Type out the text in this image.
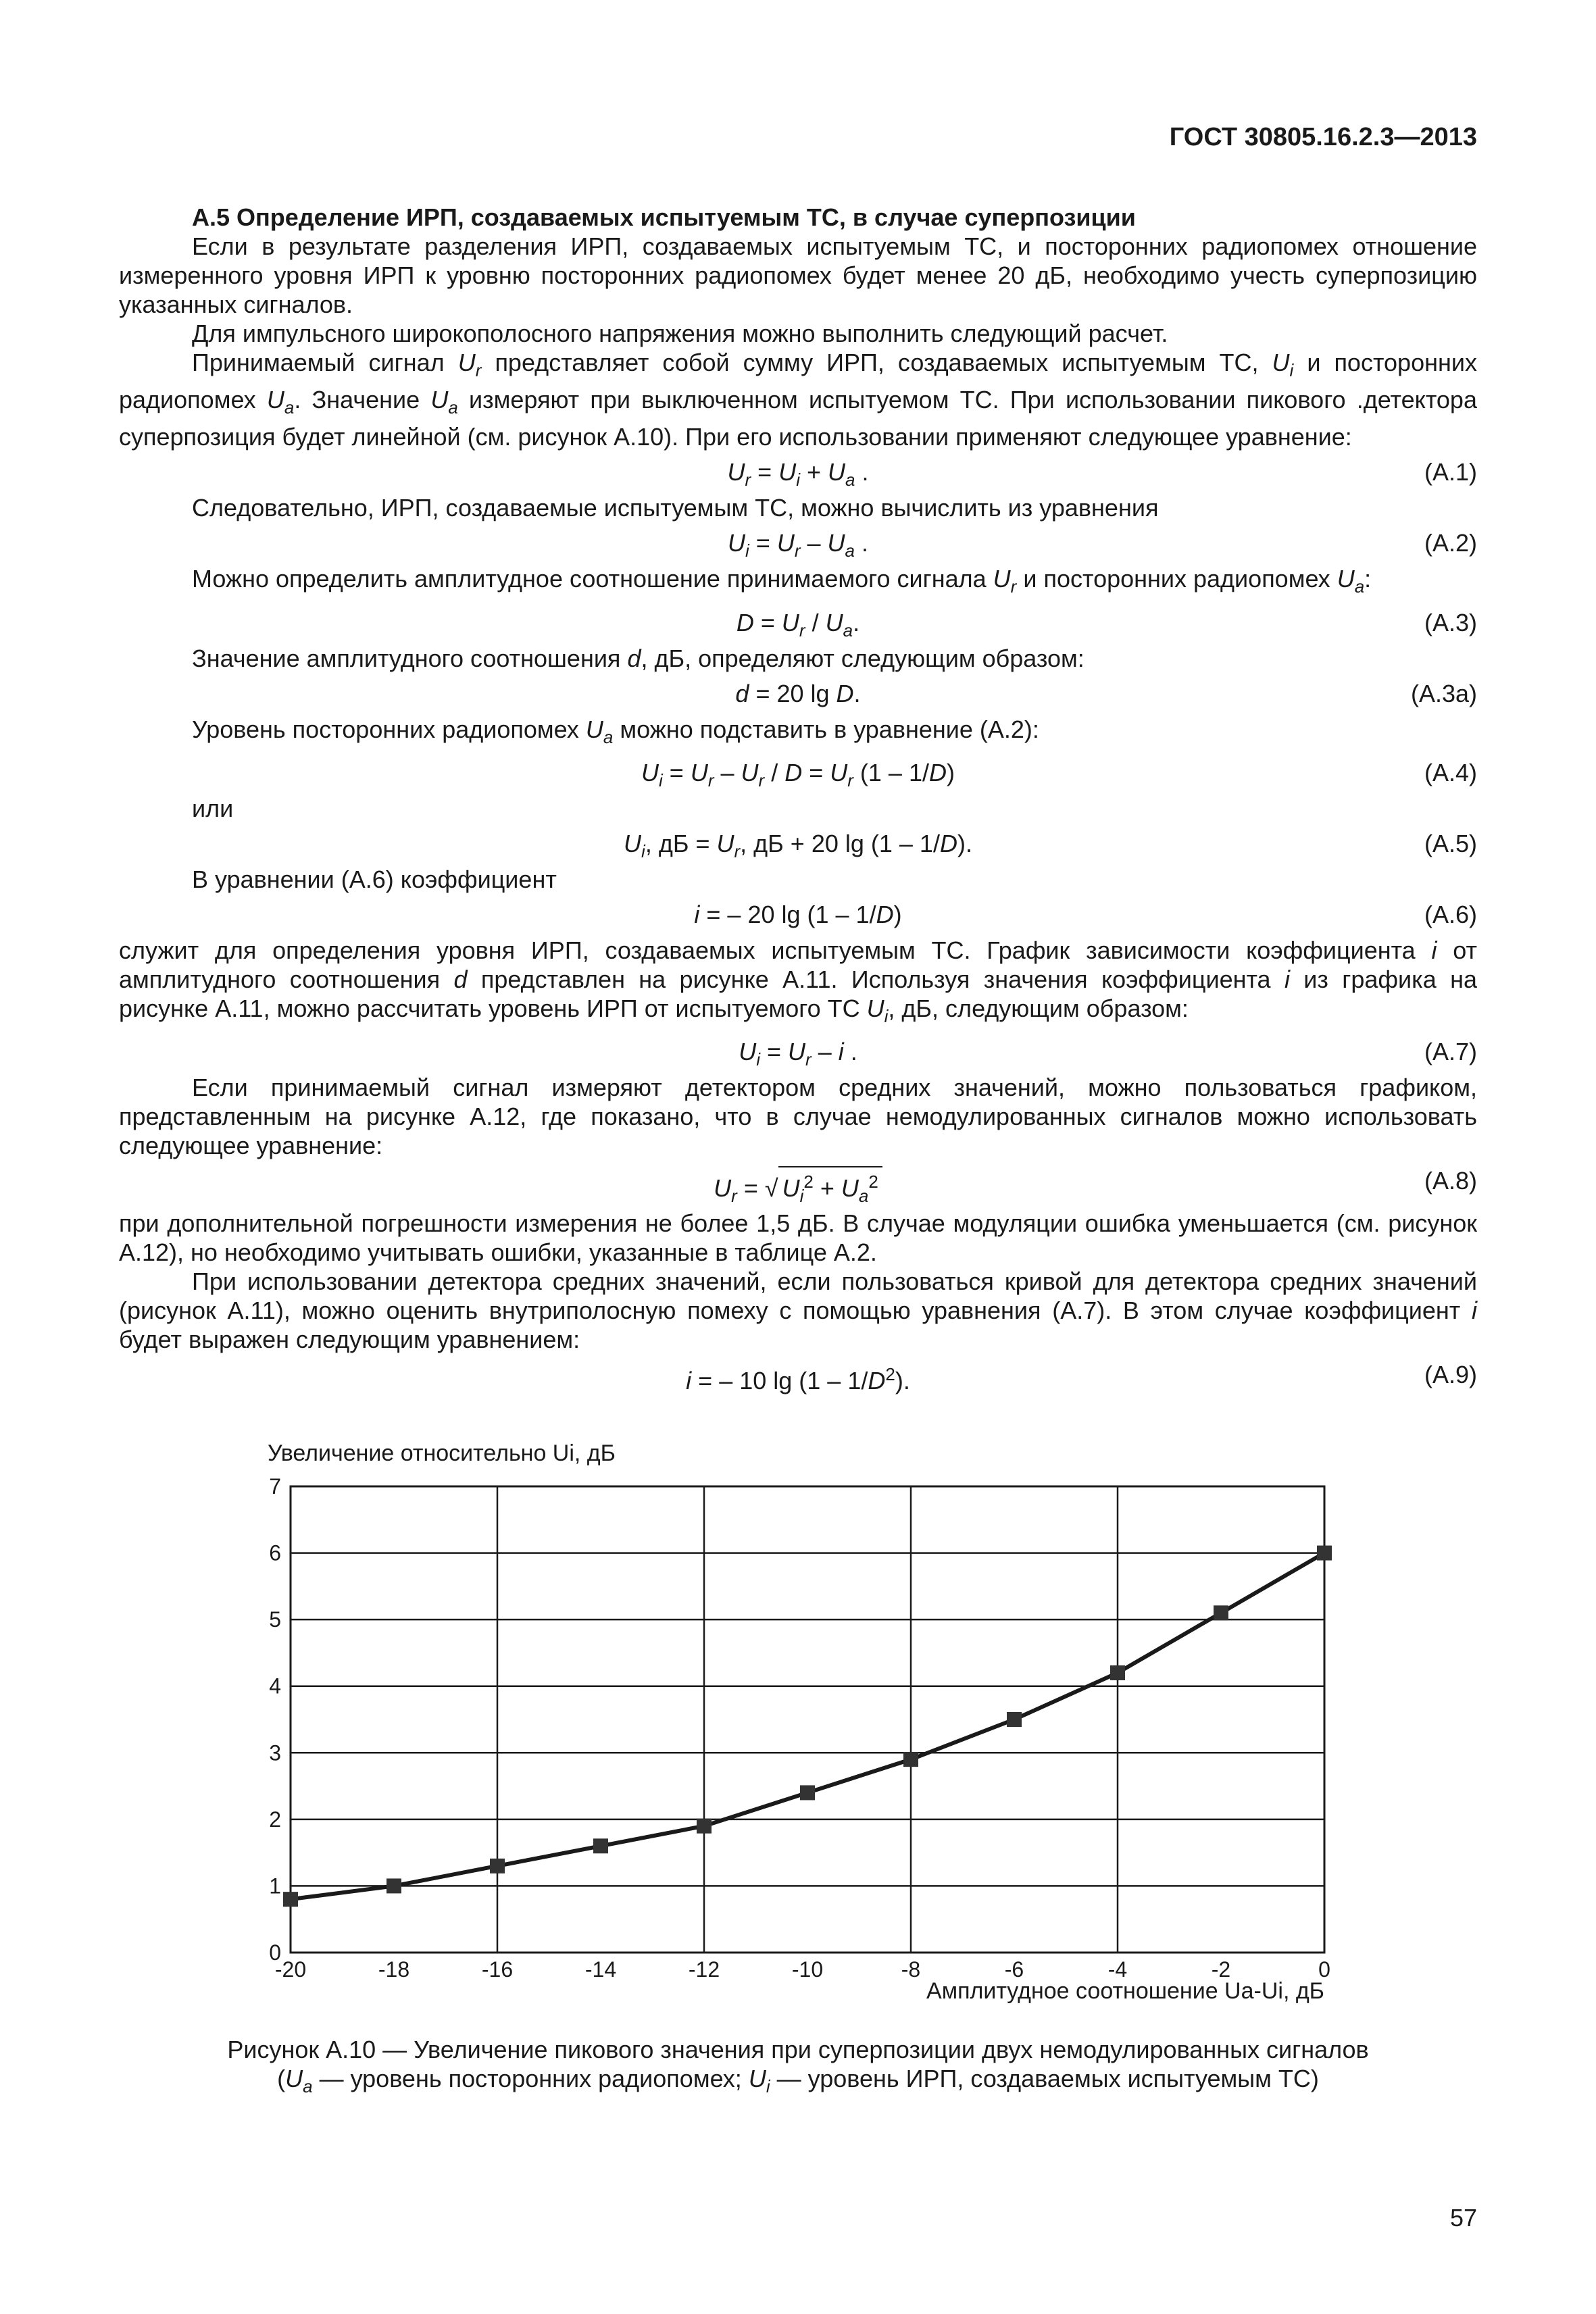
ГОСТ 30805.16.2.3—2013

А.5 Определение ИРП, создаваемых испытуемым ТС, в случае суперпозиции

Если в результате разделения ИРП, создаваемых испытуемым ТС, и посторонних радиопомех отношение измеренного уровня ИРП к уровню посторонних радиопомех будет менее 20 дБ, необходимо учесть суперпозицию указанных сигналов.

Для импульсного широкополосного напряжения можно выполнить следующий расчет.

Принимаемый сигнал $U_r$ представляет собой сумму ИРП, создаваемых испытуемым ТС, $U_i$ и посторонних радиопомех $U_a$. Значение $U_a$ измеряют при выключенном испытуемом ТС. При использовании пикового .детектора суперпозиция будет линейной (см. рисунок А.10). При его использовании применяют следующее уравнение:

$U_r = U_i + U_a$ .	(А.1)

Следовательно, ИРП, создаваемые испытуемым ТС, можно вычислить из уравнения

$U_i = U_r - U_a$ .	(А.2)

Можно определить амплитудное соотношение принимаемого сигнала $U_r$ и посторонних радиопомех $U_a$:

$D = U_r / U_a$.	(А.3)

Значение амплитудного соотношения d, дБ, определяют следующим образом:

d = 20 lg D.	(А.3а)

Уровень посторонних радиопомех $U_a$ можно подставить в уравнение (А.2):

$U_i = U_r - U_r / D = U_r$ (1 – 1/D)	(А.4)

или

$U_i$, дБ = $U_r$, дБ + 20 lg (1 – 1/D).	(А.5)

В уравнении (А.6) коэффициент

i = – 20 lg (1 – 1/D)	(А.6)

служит для определения уровня ИРП, создаваемых испытуемым ТС. График зависимости коэффициента i от амплитудного соотношения d представлен на рисунке А.11. Используя значения коэффициента i из графика на рисунке А.11, можно рассчитать уровень ИРП от испытуемого ТС $U_i$, дБ, следующим образом:

$U_i = U_r - i$ .	(А.7)

Если принимаемый сигнал измеряют детектором средних значений, можно пользоваться графиком, представленным на рисунке А.12, где показано, что в случае немодулированных сигналов можно использовать следующее уравнение:

$U_r$ = √ $U_i^2 + U_a^2$	(А.8)

при дополнительной погрешности измерения не более 1,5 дБ. В случае модуляции ошибка уменьшается (см. рисунок А.12), но необходимо учитывать ошибки, указанные в таблице А.2.

При использовании детектора средних значений, если пользоваться кривой для детектора средних значений (рисунок А.11), можно оценить внутриполосную помеху с помощью уравнения (А.7). В этом случае коэффициент i будет выражен следующим уравнением:

i = – 10 $\lg (1 - 1/D^2)$.	(А.9)
Увеличение относительно Ui, дБ
Амплитудное соотношение Ua-Ui, дБ
-20	-18	-16	-14	-12	-10	-8	-6	-4	-2	0
0
1
2
3
4
5
6
7
Рисунок А.10 — Увеличение пикового значения при суперпозиции двух немодулированных сигналов
($U_a$ — уровень посторонних радиопомех; $U_i$ — уровень ИРП, создаваемых испытуемым ТС)
57
